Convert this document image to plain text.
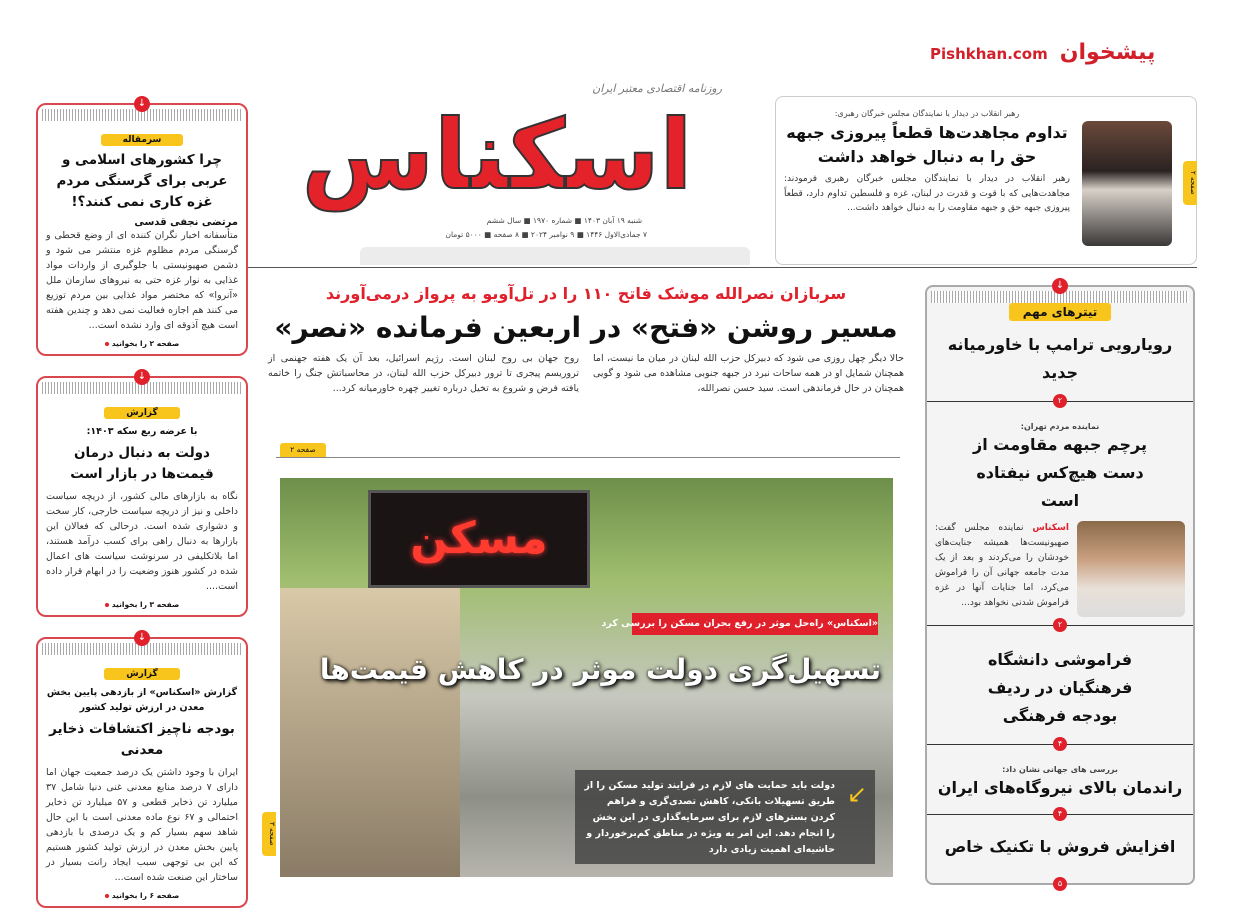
↓
سرمقاله
چرا کشورهای اسلامی و عربی برای گرسنگی مردم غزه کاری نمی کنند؟!
مرتضی نجفی قدسی

متأسفانه اخبار نگران کننده ای از وضع قحطی و گرسنگی مردم مظلوم غزه منتشر می شود و دشمن صهیونیستی با جلوگیری از واردات مواد غذایی به نوار غزه حتی به نیروهای سازمان ملل «آنروا» که مختصر مواد غذایی بین مردم توزیع می کنند هم اجازه فعالیت نمی دهد و چندین هفته است هیچ آذوقه ای وارد نشده است...

صفحه ۲ را بخوانید
↓
گزارش
با عرضه ربع سکه ۱۴۰۳:
دولت به دنبال درمان قیمت‌ها در بازار است

نگاه به بازارهای مالی کشور، از دریچه سیاست داخلی و نیز از دریچه سیاست خارجی، کار سخت و دشواری شده است. درحالی که فعالان این بازارها به دنبال راهی برای کسب درآمد هستند، اما بلاتکلیفی در سرنوشت سیاست های اعمال شده در کشور هنوز وضعیت را در ابهام قرار داده است....

صفحه ۳ را بخوانید
↓
گزارش
گزارش «اسکناس» از بازدهی پایین بخش معدن در ارزش تولید کشور
بودجه ناچیز اکتشافات ذخایر معدنی

ایران با وجود داشتن یک درصد جمعیت جهان اما دارای ۷ درصد منابع معدنی غنی دنیا شامل ۳۷ میلیارد تن ذخایر قطعی و ۵۷ میلیارد تن ذخایر احتمالی و ۶۷ نوع ماده معدنی است با این حال شاهد سهم بسیار کم و یک درصدی با بازدهی پایین بخش معدن در ارزش تولید کشور هستیم که این بی توجهی سبب ایجاد رانت بسیار در ساختار این صنعت شده است...

صفحه ۶ را بخوانید
روزنامه اقتصادی معتبر ایران
اسکناس
شنبه ۱۹ آبان ۱۴۰۳ ■ شماره ۱۹۷۰ ■ سال ششم
۷ جمادی‌الاول ۱۴۴۶ ■ ۹ نوامبر ۲۰۲۴ ■ ۸ صفحه ■ ۵۰۰۰ تومان
پیشخوان
Pishkhan.com
صفحه ۲
رهبر انقلاب در دیدار با نمایندگان مجلس خبرگان رهبری:
تداوم مجاهدت‌ها قطعاً پیروزی جبهه حق را به دنبال خواهد داشت
رهبر انقلاب در دیدار با نمایندگان مجلس خبرگان رهبری فرمودند: مجاهدت‌هایی که با قوت و قدرت در لبنان، غزه و فلسطین تداوم دارد، قطعاً پیروزی جبهه حق و جبهه مقاومت را به دنبال خواهد داشت...
سربازان نصرالله موشک فاتح ۱۱۰ را در تل‌آویو به پرواز درمی‌آورند
مسیر روشن «فتح» در اربعین فرمانده «نصر»
حالا دیگر چهل روزی می شود که دبیرکل حزب الله لبنان در میان ما نیست، اما همچنان شمایل او در همه ساحات نبرد در جبهه جنوبی مشاهده می شود و گویی همچنان در حال فرماندهی است. سید حسن نصرالله،
روح جهان بی روح لبنان است. رژیم اسرائیل، بعد آن یک هفته جهنمی از تروریسم پیجری تا ترور دبیرکل حزب الله لبنان، در محاسباتش جنگ را خاتمه یافته فرض و شروع به تخیل درباره تغییر چهره خاورمیانه کرد...
صفحه ۲
مسکن
«اسکناس» راه‌حل موثر در رفع بحران مسکن را بررسی کرد
تسهیل‌گری دولت موثر در کاهش قیمت‌ها
دولت باید حمایت های لازم در فرایند تولید مسکن را از طریق تسهیلات بانکی، کاهش تصدی‌گری و فراهم کردن بسترهای لازم برای سرمایه‌گذاری در این بخش را انجام دهد. این امر به ویژه در مناطق کم‌برخوردار و حاشیه‌ای اهمیت زیادی دارد
↙
صفحه ۳
↓
تیترهای مهم
رویارویی ترامپ با خاورمیانه جدید
۲
نماینده مردم تهران:
پرچم جبهه مقاومت از دست هیچ‌کس نیفتاده است
اسکناس نماینده مجلس گفت: صهیونیست‌ها همیشه جنایت‌های خودشان را می‌کردند و بعد از یک مدت جامعه جهانی آن را فراموش می‌کرد، اما جنایات آنها در غزه فراموش شدنی نخواهد بود...
۲
فراموشی دانشگاه فرهنگیان در ردیف بودجه فرهنگی
۴
بررسی های جهانی نشان داد:
راندمان بالای نیروگاه‌های ایران
۴
افزایش فروش با تکنیک خاص
۵
